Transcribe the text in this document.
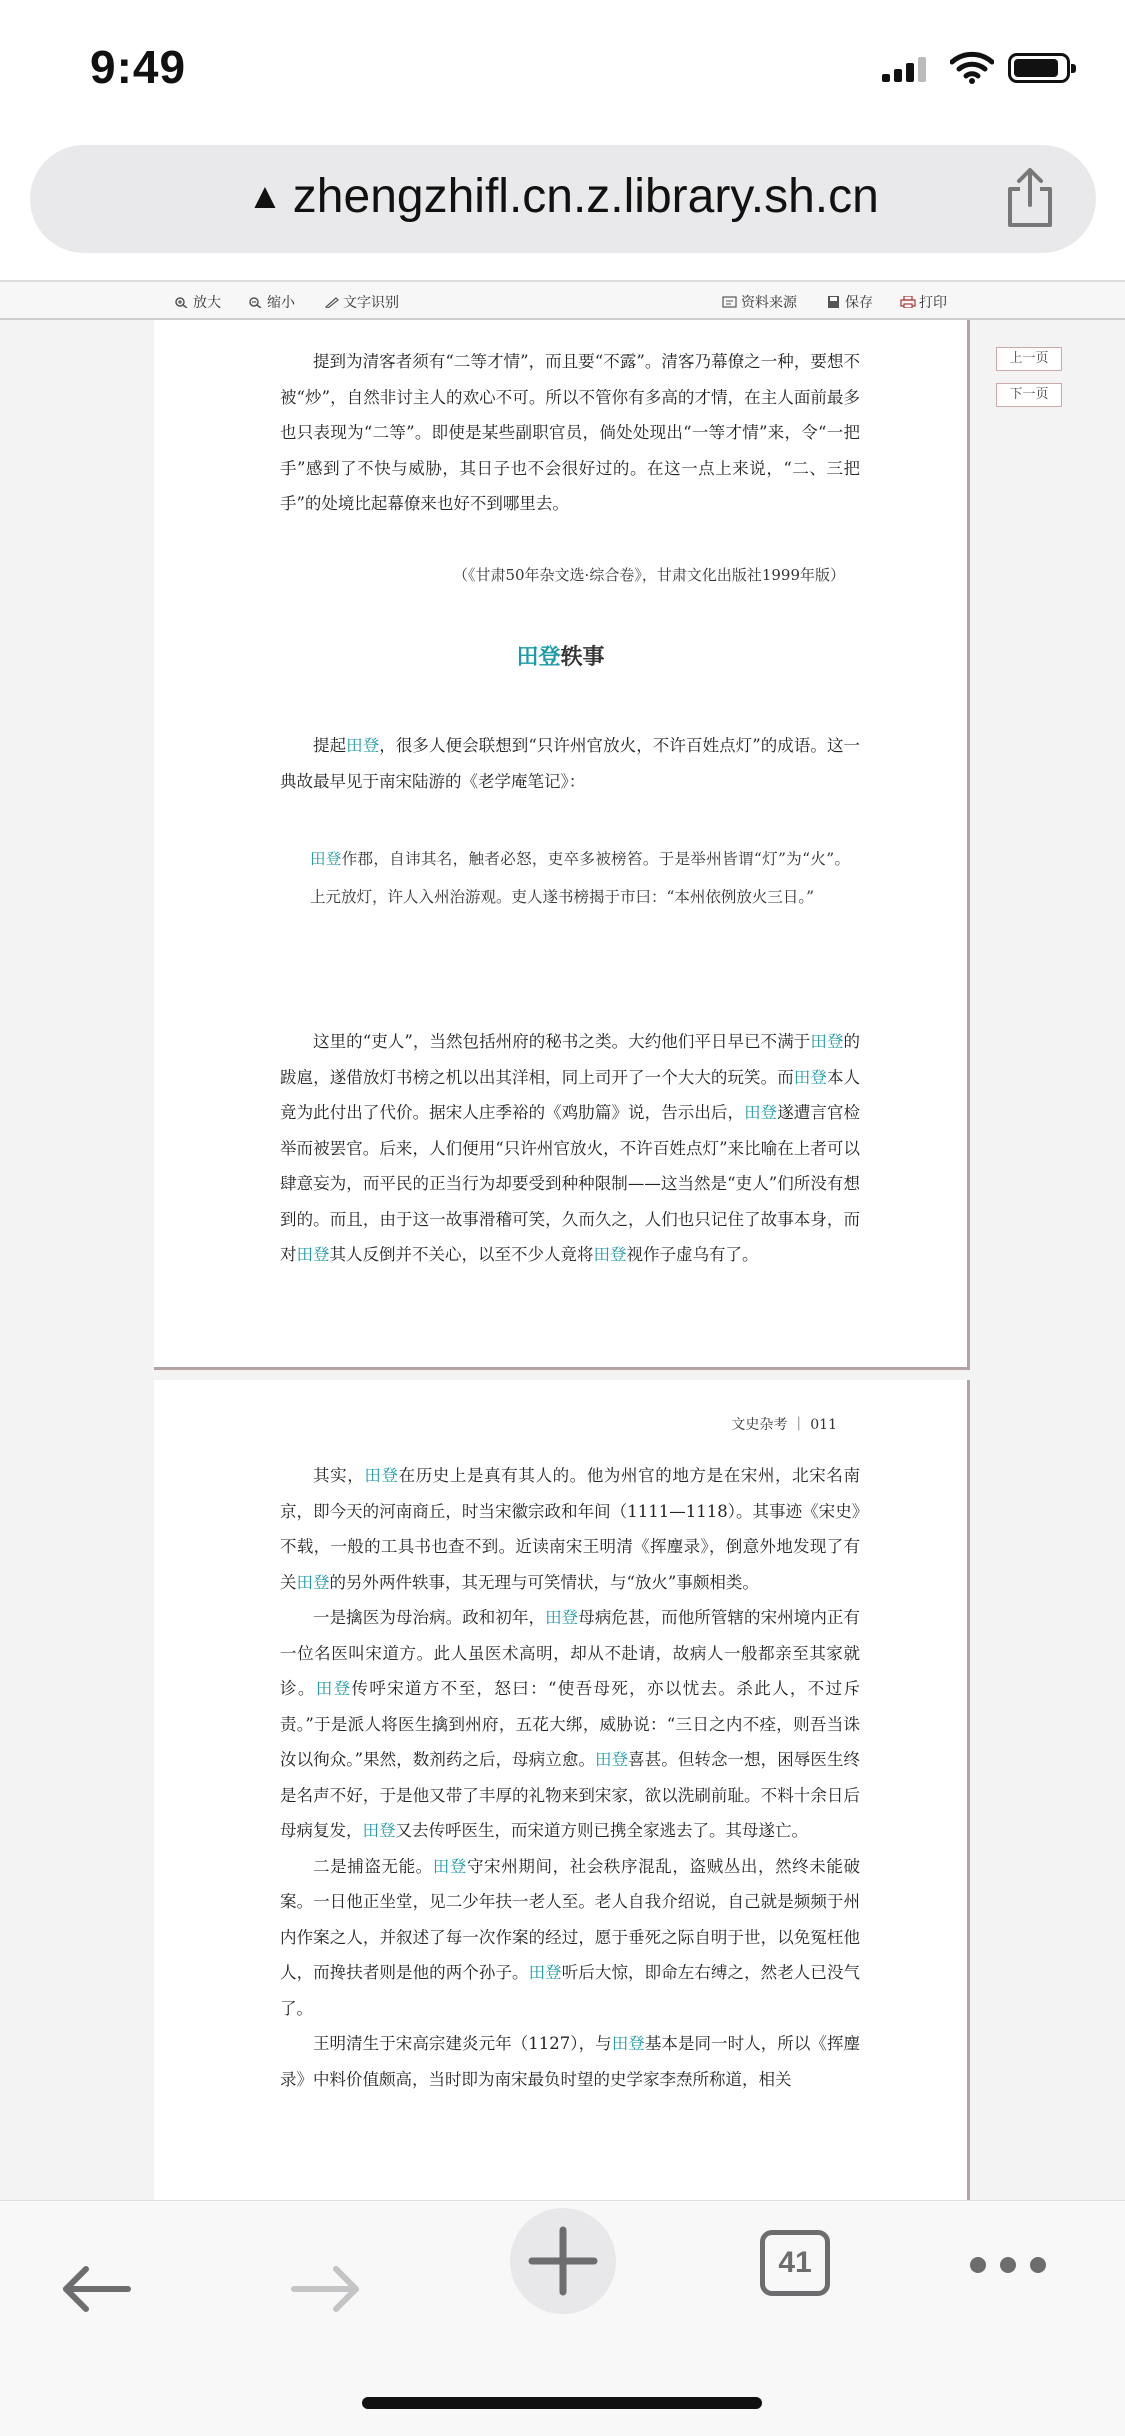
9:49
▲ zhengzhifl.cn.z.library.sh.cn
放大	缩小	文字识别	资料来源	保存	打印
上一页
下一页
提到为清客者须有“二等才情”，而且要“不露”。清客乃幕僚之一种，要想不被“炒”，自然非讨主人的欢心不可。所以不管你有多高的才情，在主人面前最多也只表现为“二等”。即使是某些副职官员，倘处处现出“一等才情”来，令“一把手”感到了不快与威胁，其日子也不会很好过的。在这一点上来说，“二、三把手”的处境比起幕僚来也好不到哪里去。
（《甘肃50年杂文选·综合卷》，甘肃文化出版社1999年版）
田登轶事
提起田登，很多人便会联想到“只许州官放火，不许百姓点灯”的成语。这一典故最早见于南宋陆游的《老学庵笔记》：
田登作郡，自讳其名，触者必怒，吏卒多被榜笞。于是举州皆谓“灯”为“火”。上元放灯，许人入州治游观。吏人遂书榜揭于市曰：“本州依例放火三日。”
这里的“吏人”，当然包括州府的秘书之类。大约他们平日早已不满于田登的跋扈，遂借放灯书榜之机以出其洋相，同上司开了一个大大的玩笑。而田登本人竟为此付出了代价。据宋人庄季裕的《鸡肋篇》说，告示出后，田登遂遭言官检举而被罢官。后来，人们便用“只许州官放火，不许百姓点灯”来比喻在上者可以肆意妄为，而平民的正当行为却要受到种种限制——这当然是“吏人”们所没有想到的。而且，由于这一故事滑稽可笑，久而久之，人们也只记住了故事本身，而对田登其人反倒并不关心，以至不少人竟将田登视作子虚乌有了。
文史杂考 ｜ 011
其实，田登在历史上是真有其人的。他为州官的地方是在宋州，北宋名南京，即今天的河南商丘，时当宋徽宗政和年间（1111—1118）。其事迹《宋史》不载，一般的工具书也查不到。近读南宋王明清《挥麈录》，倒意外地发现了有关田登的另外两件轶事，其无理与可笑情状，与“放火”事颇相类。
一是擒医为母治病。政和初年，田登母病危甚，而他所管辖的宋州境内正有一位名医叫宋道方。此人虽医术高明，却从不赴请，故病人一般都亲至其家就诊。田登传呼宋道方不至，怒曰：“使吾母死，亦以忧去。杀此人，不过斥责。”于是派人将医生擒到州府，五花大绑，威胁说：“三日之内不痊，则吾当诛汝以徇众。”果然，数剂药之后，母病立愈。田登喜甚。但转念一想，困辱医生终是名声不好，于是他又带了丰厚的礼物来到宋家，欲以洗刷前耻。不料十余日后母病复发，田登又去传呼医生，而宋道方则已携全家逃去了。其母遂亡。
二是捕盗无能。田登守宋州期间，社会秩序混乱，盗贼丛出，然终未能破案。一日他正坐堂，见二少年扶一老人至。老人自我介绍说，自己就是频频于州内作案之人，并叙述了每一次作案的经过，愿于垂死之际自明于世，以免冤枉他人，而搀扶者则是他的两个孙子。田登听后大惊，即命左右缚之，然老人已没气了。
王明清生于宋高宗建炎元年（1127），与田登基本是同一时人，所以《挥麈录》中料价值颇高，当时即为南宋最负时望的史学家李焘所称道，相关
41
